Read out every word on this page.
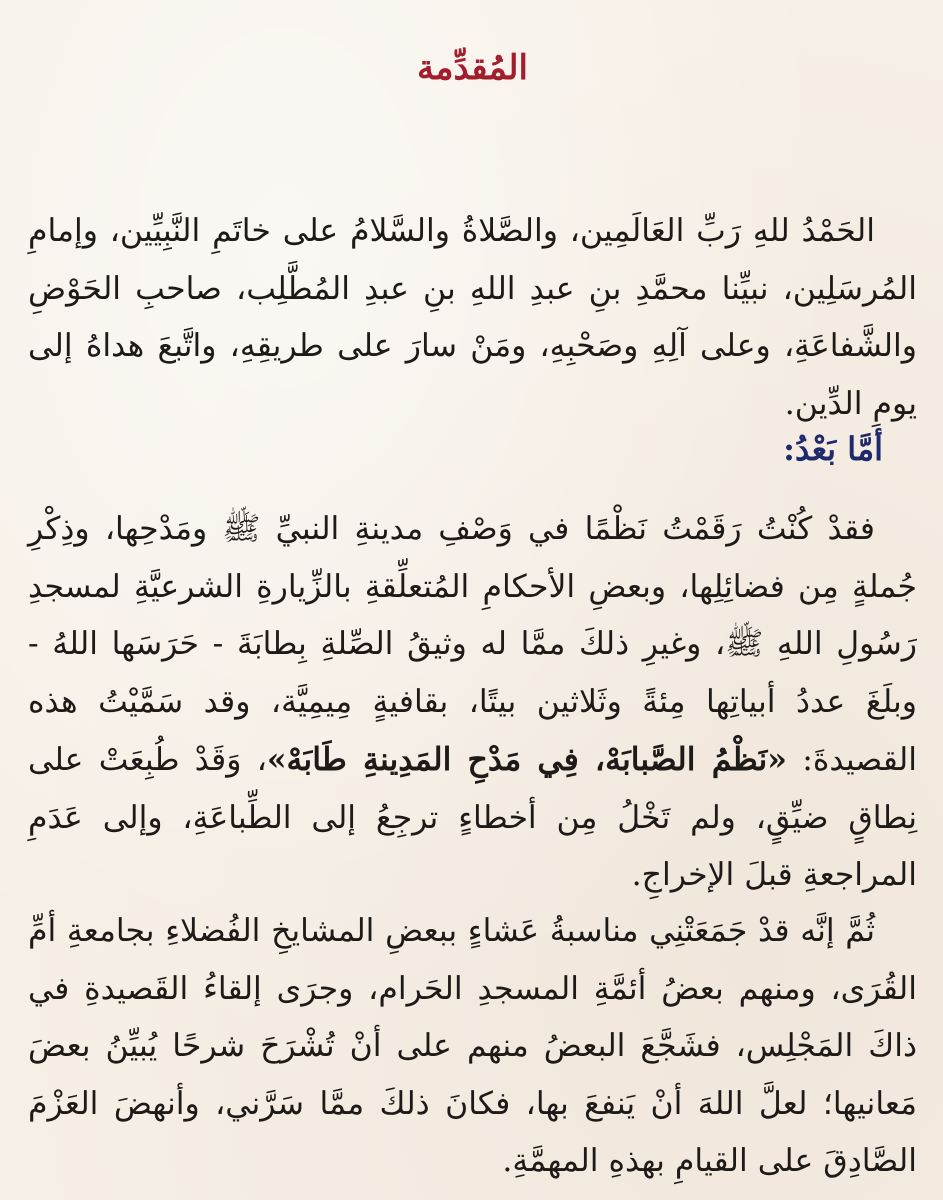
المُقدِّمة

الحَمْدُ للهِ رَبِّ العَالَمِين، والصَّلاةُ والسَّلامُ على خاتَمِ النَّبِيِّين، وإمامِ المُرسَلِين، نبيِّنا محمَّدِ بنِ عبدِ اللهِ بنِ عبدِ المُطَّلِب، صاحبِ الحَوْضِ والشَّفاعَةِ، وعلى آلِهِ وصَحْبِهِ، ومَنْ سارَ على طريقِهِ، واتَّبعَ هداهُ إلى يومِ الدِّين.

أمَّا بَعْدُ:

فقدْ كُنْتُ رَقَمْتُ نَظْمًا في وَصْفِ مدينةِ النبيِّ ﷺ ومَدْحِها، وذِكْرِ جُملةٍ مِن فضائِلِها، وبعضِ الأحكامِ المُتعلِّقةِ بالزِّيارةِ الشرعيَّةِ لمسجدِ رَسُولِ اللهِ ﷺ، وغيرِ ذلكَ ممَّا له وثيقُ الصِّلةِ بِطابَةَ - حَرَسَها اللهُ - وبلَغَ عددُ أبياتِها مِئةً وثَلاثين بيتًا، بقافيةٍ مِيمِيَّة، وقد سَمَّيْتُ هذه القصيدةَ: «نَظْمُ الصَّبابَهْ، فِي مَدْحِ المَدِينةِ طَابَهْ»، وَقَدْ طُبِعَتْ على نِطاقٍ ضيِّقٍ، ولم تَخْلُ مِن أخطاءٍ ترجِعُ إلى الطِّباعَةِ، وإلى عَدَمِ المراجعةِ قبلَ الإخراجِ.

ثُمَّ إنَّه قدْ جَمَعَتْنِي مناسبةُ عَشاءٍ ببعضِ المشايخِ الفُضلاءِ بجامعةِ أمِّ القُرَى، ومنهم بعضُ أئمَّةِ المسجدِ الحَرام، وجرَى إلقاءُ القَصيدةِ في ذاكَ المَجْلِس، فشَجَّعَ البعضُ منهم على أنْ تُشْرَحَ شرحًا يُبيِّنُ بعضَ مَعانيها؛ لعلَّ اللهَ أنْ يَنفعَ بها، فكانَ ذلكَ ممَّا سَرَّني، وأنهضَ العَزْمَ الصَّادِقَ على القيامِ بهذهِ المهمَّةِ.
